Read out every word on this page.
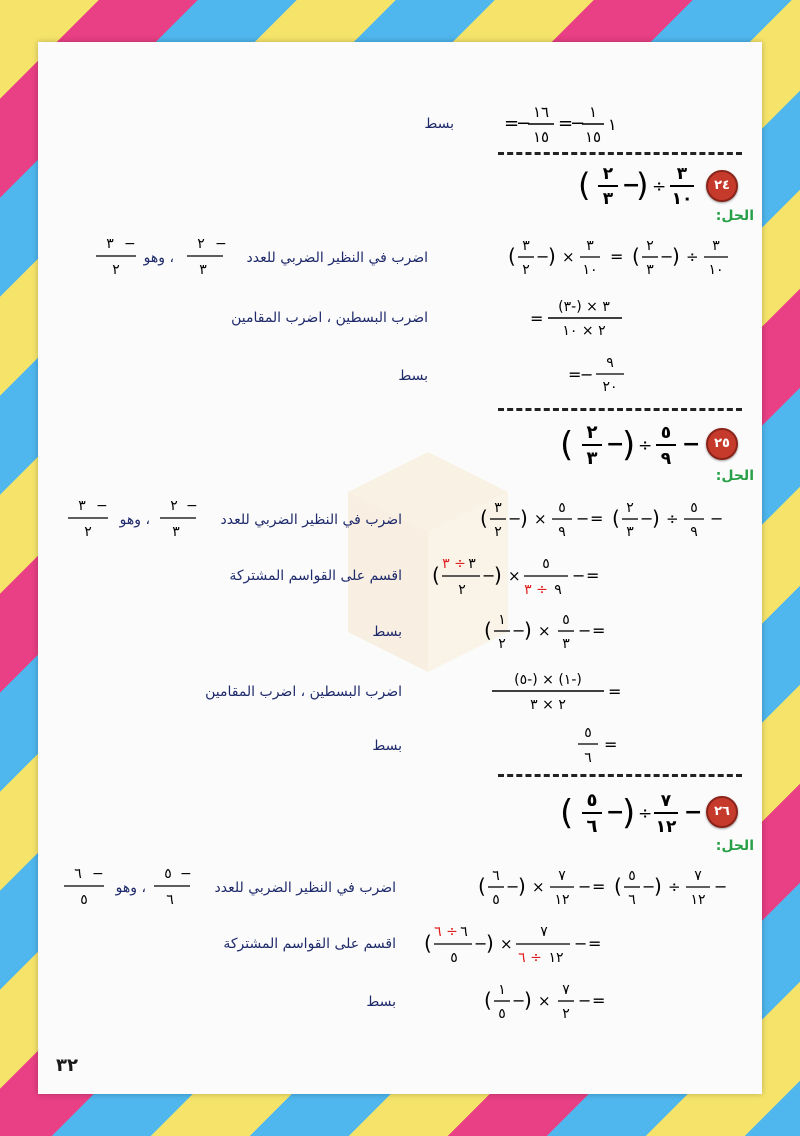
بسط	=
−
١٦
١٥
=
−
١
١٥
١
٢٤
( ٢
٣
−
) ÷
٣
١٠
الحل:
اضرب في النظير الضربي للعدد
٢ −
٣
، وهو
٣ −
٢
( ٣
٢
−
) ×
٣
١٠
= ( ٢
٣
−
) ÷
٣
١٠
اضرب البسطين ، اضرب المقامين	=
(٣-) × ٣
٢ × ١٠
بسط	=
−
٩
٢٠
٢٥
( ٢
٣
−
) ÷
٥
٩
−
الحل:
اضرب في النظير الضربي للعدد
٢ −
٣
، وهو
٣ −
٢
( ٣
٢
−
) ×
٥
٩
− = ( ٢
٣
−
) ÷
٥
٩
−
اقسم على القواسم المشتركة ( ٣ ÷ ٣
٢
−
) ×
٥
٣ ÷ ٩
− =
بسط	( ١
٢
−
) ×
٥
٣
− =
اضرب البسطين ، اضرب المقامين
(٥-) × (١-)
٢ × ٣
=
بسط
٥
٦
=
٢٦
( ٥
٦
−
) ÷
٧
١٢
−
الحل:
اضرب في النظير الضربي للعدد
٥ −
٦
، وهو
٦ −
٥
( ٦
٥
−
) ×
٧
١٢
− = ( ٥
٦
−
) ÷
٧
١٢
−
اقسم على القواسم المشتركة ( ٦ ÷ ٦
٥
−
) ×
٧
٦ ÷ ١٢
− =
بسط	( ١
٥
−
) ×
٧
٢
− =
٣٢
